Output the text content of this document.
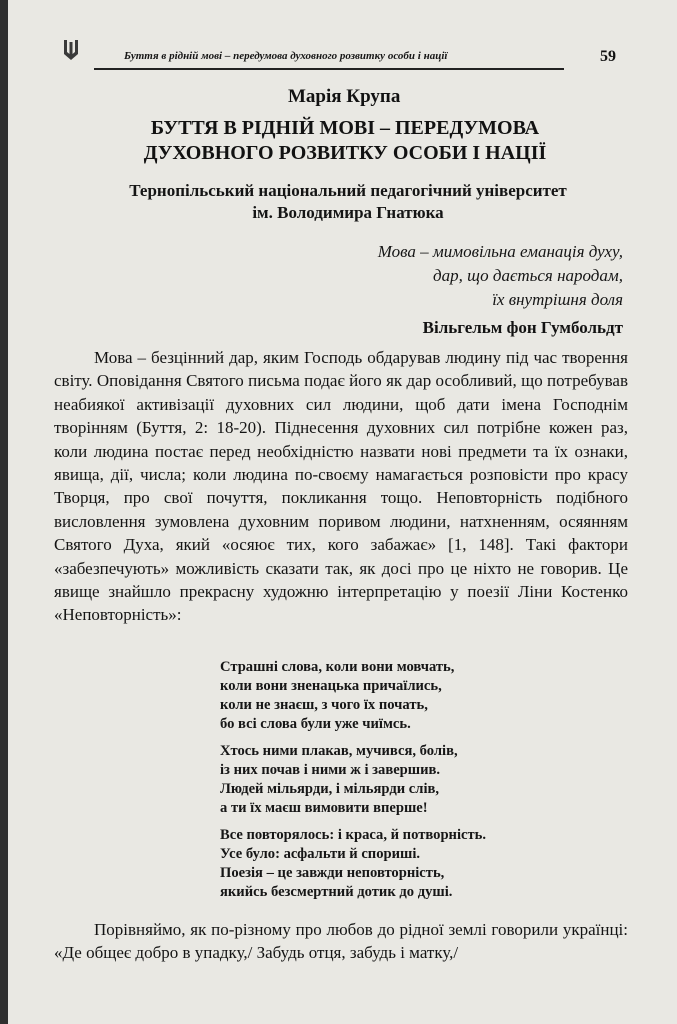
Буття в рідній мові – передумова духовного розвитку особи і нації	59
Марія Крупа
БУТТЯ В РІДНІЙ МОВІ – ПЕРЕДУМОВА ДУХОВНОГО РОЗВИТКУ ОСОБИ І НАЦІЇ
Тернопільський національний педагогічний університет
ім. Володимира Гнатюка
Мова – мимовільна еманація духу,
дар, що дається народам,
їх внутрішня доля
Вільгельм фон Гумбольдт

Мова – безцінний дар, яким Господь обдарував людину під час творення світу. Оповідання Святого письма подає його як дар особливий, що потребував неабиякої активізації духовних сил людини, щоб дати імена Господнім творінням (Буття, 2: 18-20). Піднесення духовних сил потрібне кожен раз, коли людина постає перед необхідністю назвати нові предмети та їх ознаки, явища, дії, числа; коли людина по-своєму намагається розповісти про красу Творця, про свої почуття, покликання тощо. Неповторність подібного висловлення зумовлена духовним поривом людини, натхненням, осяянням Святого Духа, який «осяює тих, кого забажає» [1, 148]. Такі фактори «забезпечують» можливість сказати так, як досі про це ніхто не говорив. Це явище знайшло прекрасну художню інтерпретацію у поезії Ліни Костенко «Неповторність»:

Страшні слова, коли вони мовчать,
коли вони зненацька причаїлись,
коли не знаєш, з чого їх почать,
бо всі слова були уже чиїмсь.
Хтось ними плакав, мучився, болів,
із них почав і ними ж і завершив.
Людей мільярди, і мільярди слів,
а ти їх маєш вимовити вперше!
Все повторялось: і краса, й потворність.
Усе було: асфальти й спориші.
Поезія – це завжди неповторність,
якийсь безсмертний дотик до душі.

Порівняймо, як по-різному про любов до рідної землі говорили українці: «Де общеє добро в упадку,/ Забудь отця, забудь і матку,/
